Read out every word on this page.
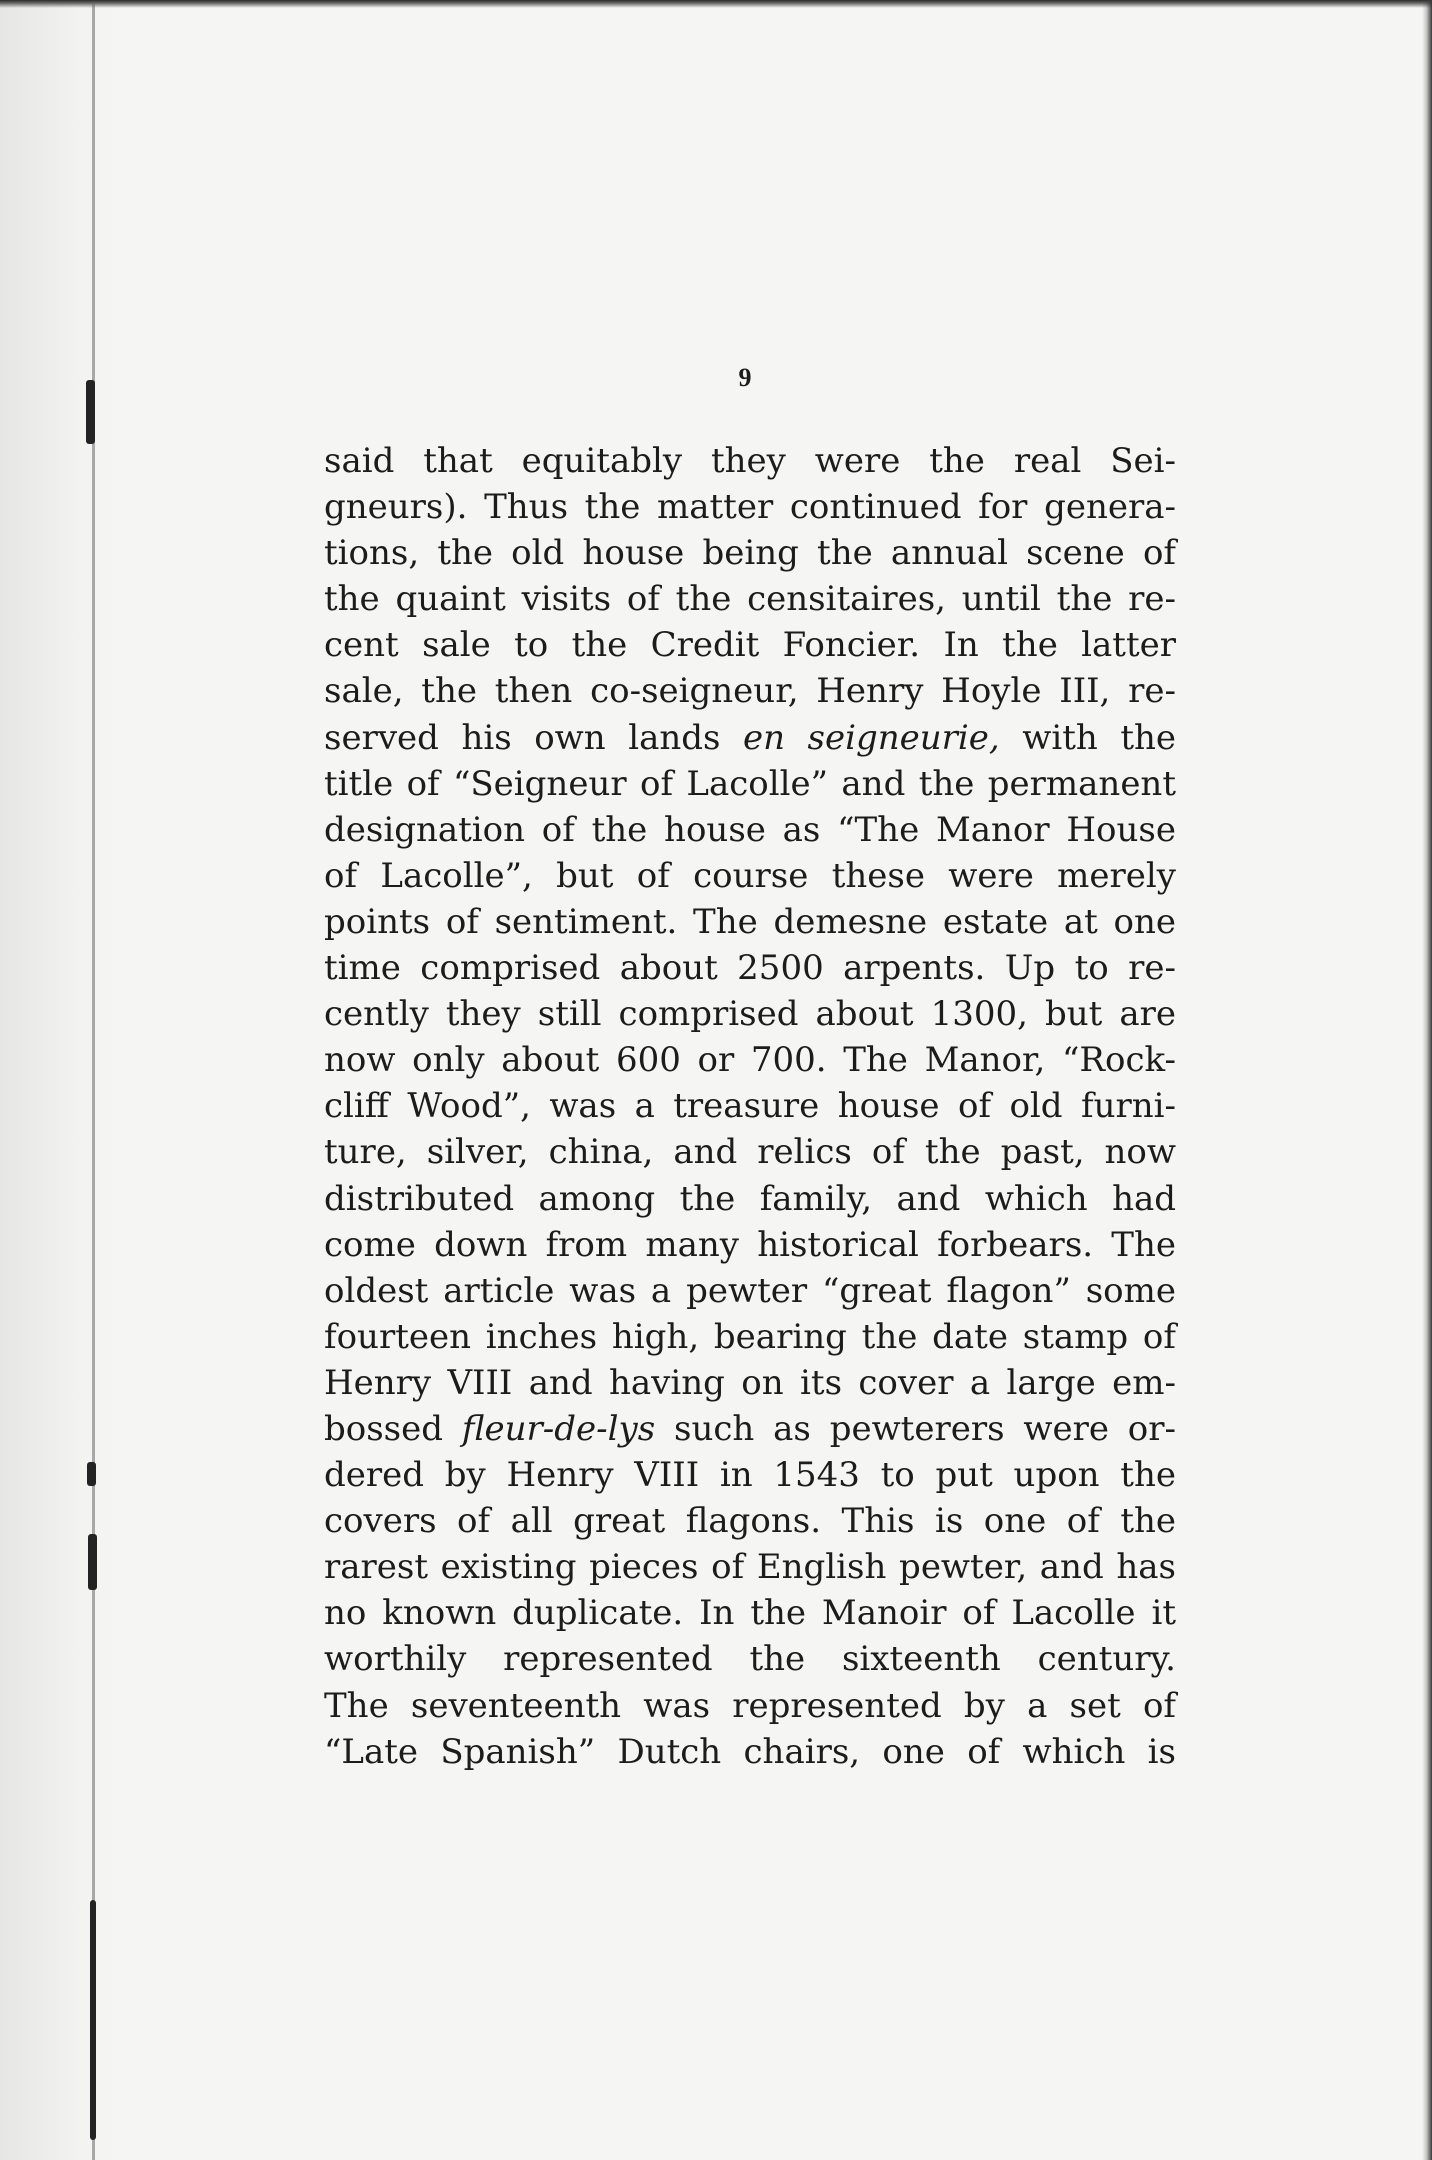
9
said that equitably they were the real Sei-
gneurs). Thus the matter continued for genera-
tions, the old house being the annual scene of
the quaint visits of the censitaires, until the re-
cent sale to the Credit Foncier. In the latter
sale, the then co-seigneur, Henry Hoyle III, re-
served his own lands en seigneurie, with the
title of “Seigneur of Lacolle” and the permanent
designation of the house as “The Manor House
of Lacolle”, but of course these were merely
points of sentiment. The demesne estate at one
time comprised about 2500 arpents. Up to re-
cently they still comprised about 1300, but are
now only about 600 or 700. The Manor, “Rock-
cliff Wood”, was a treasure house of old furni-
ture, silver, china, and relics of the past, now
distributed among the family, and which had
come down from many historical forbears. The
oldest article was a pewter “great flagon” some
fourteen inches high, bearing the date stamp of
Henry VIII and having on its cover a large em-
bossed fleur-de-lys such as pewterers were or-
dered by Henry VIII in 1543 to put upon the
covers of all great flagons. This is one of the
rarest existing pieces of English pewter, and has
no known duplicate. In the Manoir of Lacolle it
worthily represented the sixteenth century.
The seventeenth was represented by a set of
“Late Spanish” Dutch chairs, one of which is
